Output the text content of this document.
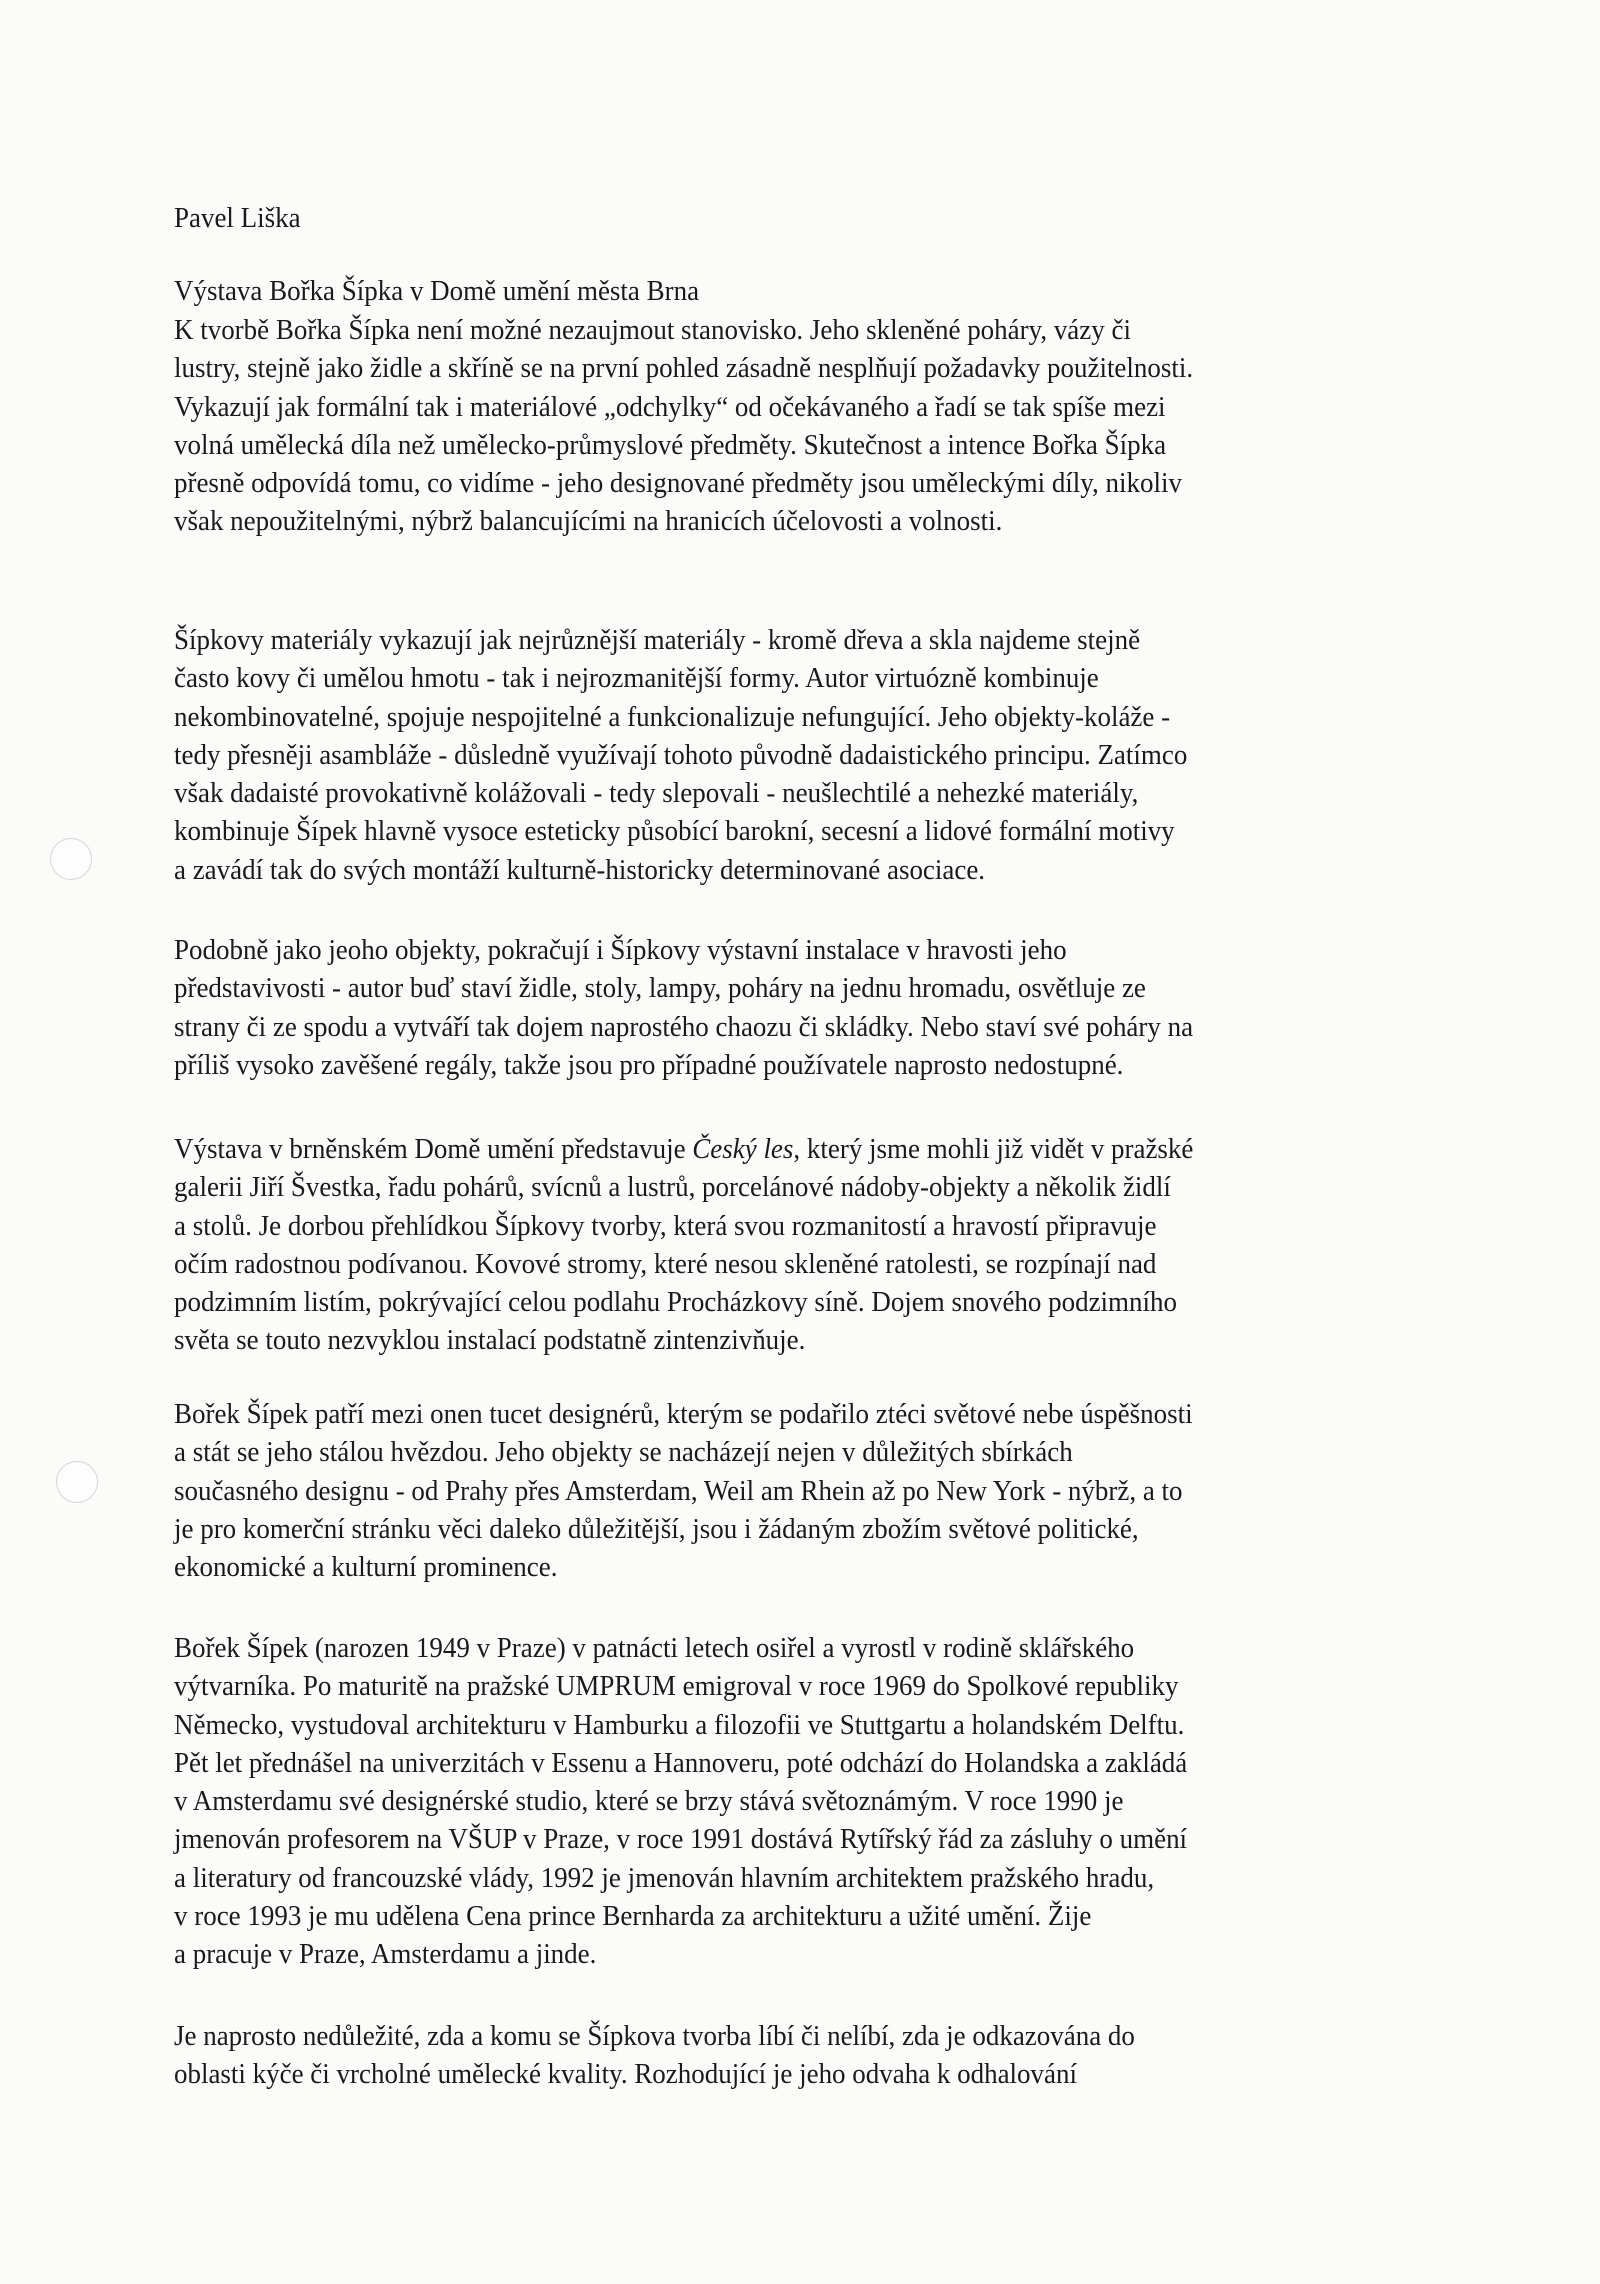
Pavel Liška
Výstava Bořka Šípka v Domě umění města Brna
K tvorbě Bořka Šípka není možné nezaujmout stanovisko. Jeho skleněné poháry, vázy či
lustry, stejně jako židle a skříně se na první pohled zásadně nesplňují požadavky použitelnosti.
Vykazují jak formální tak i materiálové „odchylky“ od očekávaného a řadí se tak spíše mezi
volná umělecká díla než umělecko-průmyslové předměty. Skutečnost a intence Bořka Šípka
přesně odpovídá tomu, co vidíme - jeho designované předměty jsou uměleckými díly, nikoliv
však nepoužitelnými, nýbrž balancujícími na hranicích účelovosti a volnosti.
Šípkovy materiály vykazují jak nejrůznější materiály - kromě dřeva a skla najdeme stejně
často kovy či umělou hmotu - tak i nejrozmanitější formy. Autor virtuózně kombinuje
nekombinovatelné, spojuje nespojitelné a funkcionalizuje nefungující. Jeho objekty-koláže -
tedy přesněji asambláže - důsledně využívají tohoto původně dadaistického principu. Zatímco
však dadaisté provokativně kolážovali - tedy slepovali - neušlechtilé a nehezké materiály,
kombinuje Šípek hlavně vysoce esteticky působící barokní, secesní a lidové formální motivy
a zavádí tak do svých montáží kulturně-historicky determinované asociace.
Podobně jako jeoho objekty, pokračují i Šípkovy výstavní instalace v hravosti jeho
představivosti - autor buď staví židle, stoly, lampy, poháry na jednu hromadu, osvětluje ze
strany či ze spodu a vytváří tak dojem naprostého chaozu či skládky. Nebo staví své poháry na
příliš vysoko zavěšené regály, takže jsou pro případné používatele naprosto nedostupné.
Výstava v brněnském Domě umění představuje Český les, který jsme mohli již vidět v pražské
galerii Jiří Švestka, řadu pohárů, svícnů a lustrů, porcelánové nádoby-objekty a několik židlí
a stolů. Je dorbou přehlídkou Šípkovy tvorby, která svou rozmanitostí a hravostí připravuje
očím radostnou podívanou. Kovové stromy, které nesou skleněné ratolesti, se rozpínají nad
podzimním listím, pokrývající celou podlahu Procházkovy síně. Dojem snového podzimního
světa se touto nezvyklou instalací podstatně zintenzivňuje.
Bořek Šípek patří mezi onen tucet designérů, kterým se podařilo ztéci světové nebe úspěšnosti
a stát se jeho stálou hvězdou. Jeho objekty se nacházejí nejen v důležitých sbírkách
současného designu - od Prahy přes Amsterdam, Weil am Rhein až po New York - nýbrž, a to
je pro komerční stránku věci daleko důležitější, jsou i žádaným zbožím světové politické,
ekonomické a kulturní prominence.
Bořek Šípek (narozen 1949 v Praze) v patnácti letech osiřel a vyrostl v rodině sklářského
výtvarníka. Po maturitě na pražské UMPRUM emigroval v roce 1969 do Spolkové republiky
Německo, vystudoval architekturu v Hamburku a filozofii ve Stuttgartu a holandském Delftu.
Pět let přednášel na univerzitách v Essenu a Hannoveru, poté odchází do Holandska a zakládá
v Amsterdamu své designérské studio, které se brzy stává světoznámým. V roce 1990 je
jmenován profesorem na VŠUP v Praze, v roce 1991 dostává Rytířský řád za zásluhy o umění
a literatury od francouzské vlády, 1992 je jmenován hlavním architektem pražského hradu,
v roce 1993 je mu udělena Cena prince Bernharda za architekturu a užité umění. Žije
a pracuje v Praze, Amsterdamu a jinde.
Je naprosto nedůležité, zda a komu se Šípkova tvorba líbí či nelíbí, zda je odkazována do
oblasti kýče či vrcholné umělecké kvality. Rozhodující je jeho odvaha k odhalování
